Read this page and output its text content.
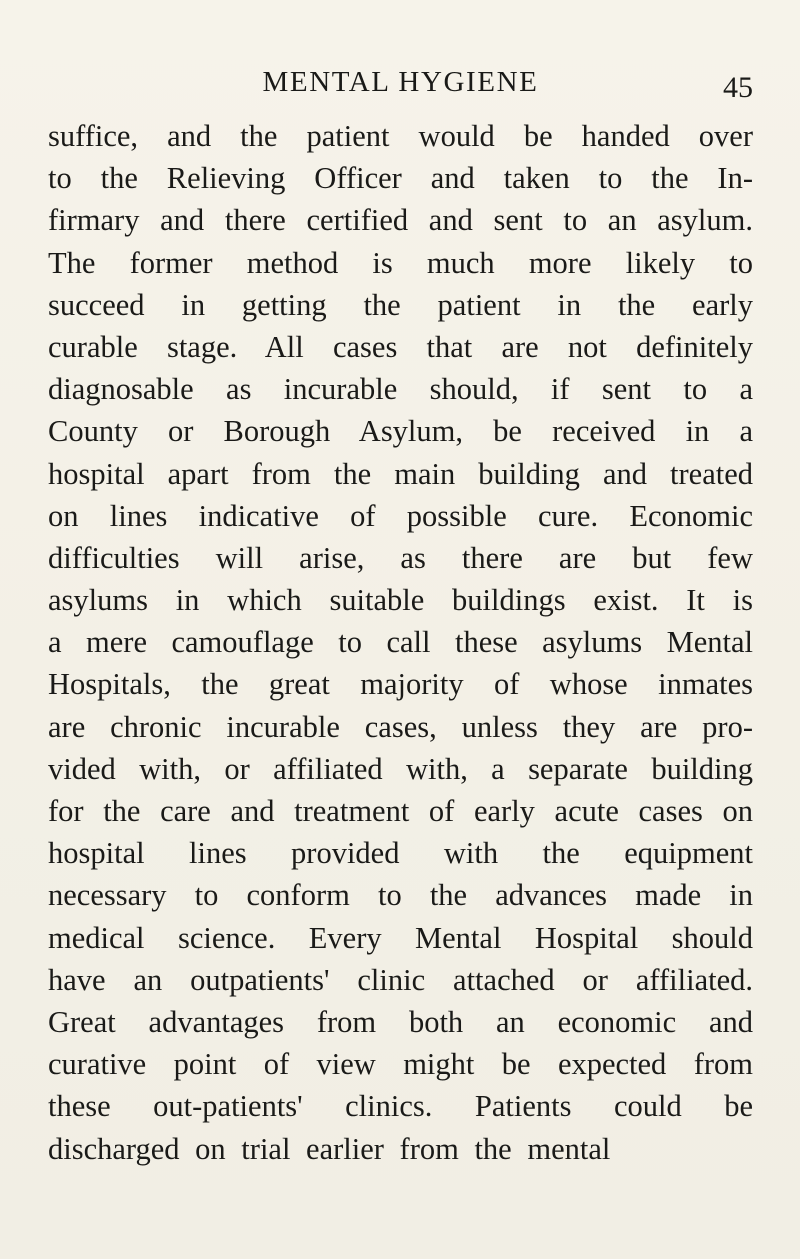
MENTAL HYGIENE	45
suffice, and the patient would be handed over
to the Relieving Officer and taken to the In-
firmary and there certified and sent to an asylum.
The former method is much more likely to
succeed in getting the patient in the early
curable stage. All cases that are not definitely
diagnosable as incurable should, if sent to a
County or Borough Asylum, be received in a
hospital apart from the main building and treated
on lines indicative of possible cure. Economic
difficulties will arise, as there are but few
asylums in which suitable buildings exist. It is
a mere camouflage to call these asylums Mental
Hospitals, the great majority of whose inmates
are chronic incurable cases, unless they are pro-
vided with, or affiliated with, a separate building
for the care and treatment of early acute cases on
hospital lines provided with the equipment
necessary to conform to the advances made in
medical science. Every Mental Hospital should
have an outpatients' clinic attached or affiliated.
Great advantages from both an economic and
curative point of view might be expected from
these out-patients' clinics. Patients could be
discharged on trial earlier from the mental
